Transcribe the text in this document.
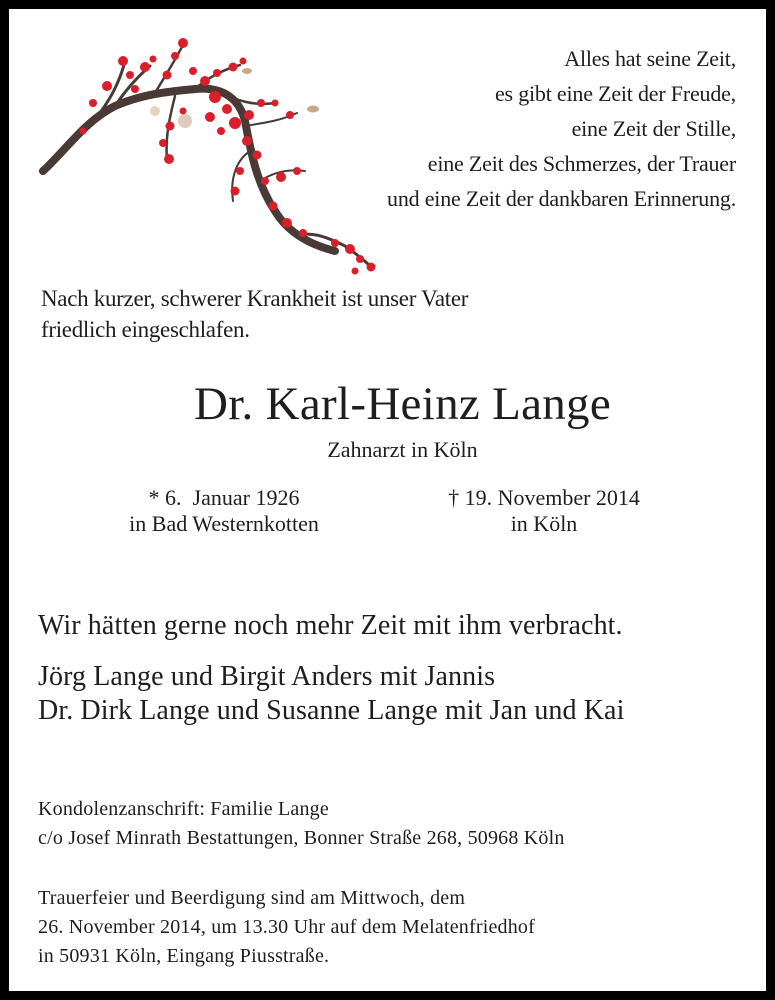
Alles hat seine Zeit,
es gibt eine Zeit der Freude,
eine Zeit der Stille,
eine Zeit des Schmerzes, der Trauer
und eine Zeit der dankbaren Erinnerung.
Nach kurzer, schwerer Krankheit ist unser Vater
friedlich eingeschlafen.
Dr. Karl-Heinz Lange
Zahnarzt in Köln
* 6.  Januar 1926
in Bad Westernkotten
† 19. November 2014
in Köln
Wir hätten gerne noch mehr Zeit mit ihm verbracht.
Jörg Lange und Birgit Anders mit Jannis
Dr. Dirk Lange und Susanne Lange mit Jan und Kai
Kondolenzanschrift: Familie Lange
c/o Josef Minrath Bestattungen, Bonner Straße 268, 50968 Köln
Trauerfeier und Beerdigung sind am Mittwoch, dem
26. November 2014, um 13.30 Uhr auf dem Melatenfriedhof
in 50931 Köln, Eingang Piusstraße.
